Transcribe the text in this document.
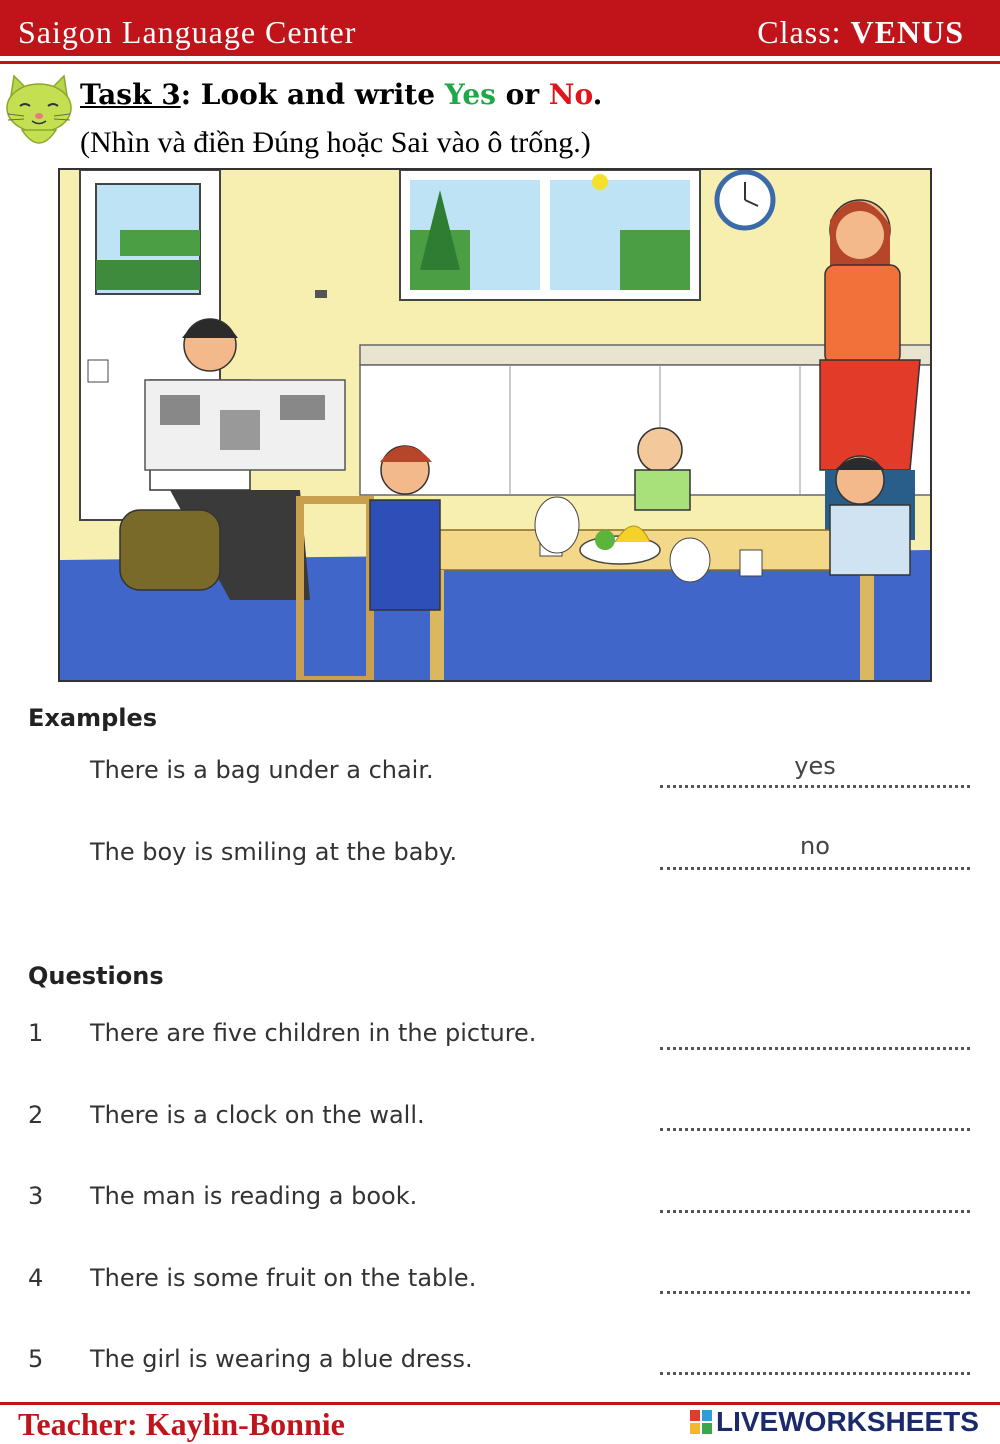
Saigon Language Center	Class: VENUS
Task 3: Look and write Yes or No.
(Nhìn và điền Đúng hoặc Sai vào ô trống.)
Examples
There is a bag under a chair.	yes
The boy is smiling at the baby.	no
Questions
1 There are five children in the picture.
2 There is a clock on the wall.
3 The man is reading a book.
4 There is some fruit on the table.
5 The girl is wearing a blue dress.
Teacher: Kaylin-Bonnie	LIVEWORKSHEETS
